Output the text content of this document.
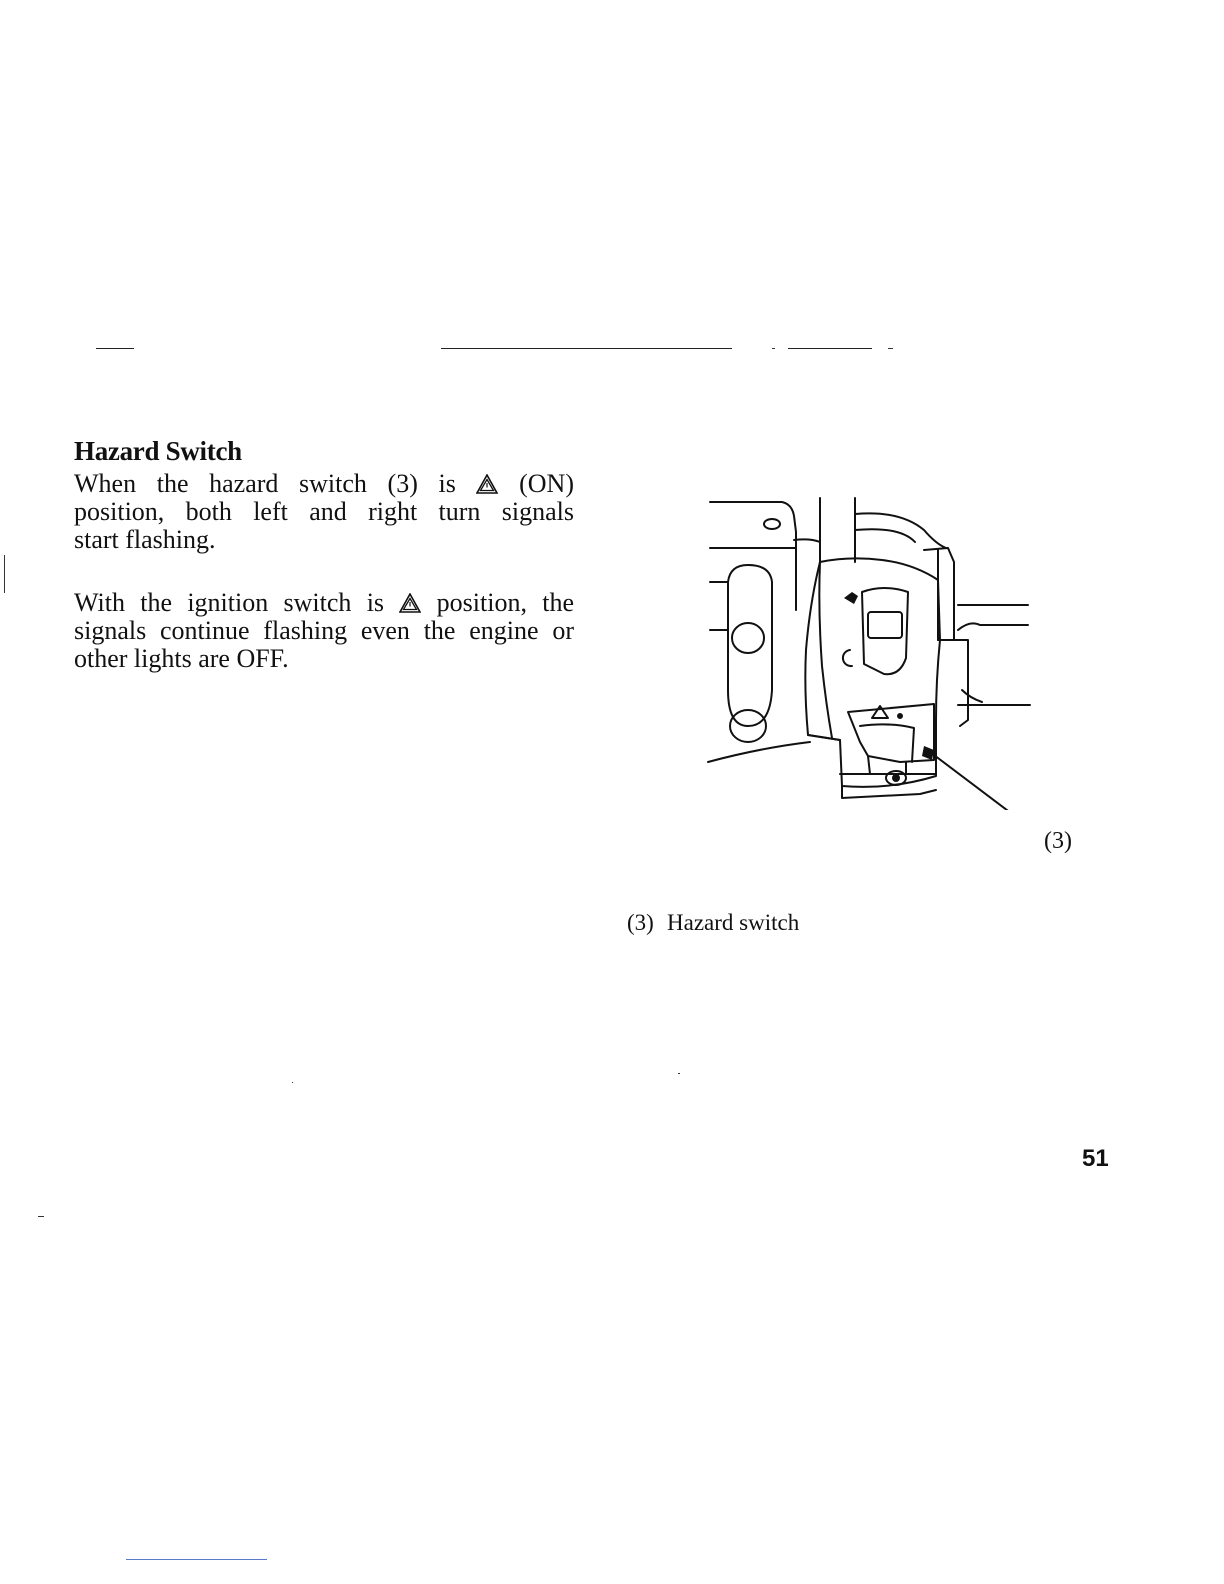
Hazard Switch
When the hazard switch (3) is (ON)
position, both left and right turn signals
start flashing.
With the ignition switch is position, the
signals continue flashing even the engine or
other lights are OFF.

(3)

(3) Hazard switch

51
